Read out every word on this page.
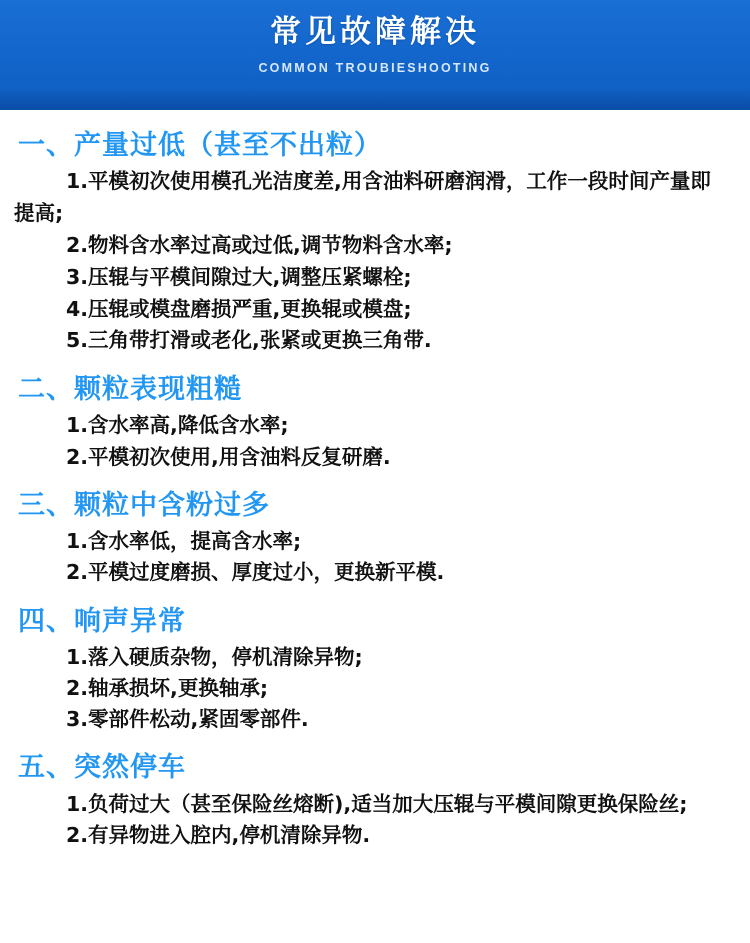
常见故障解决
COMMON TROUBIESHOOTING
一、产量过低（甚至不出粒）
1.平模初次使用模孔光洁度差,用含油料研磨润滑，工作一段时间产量即提高;
2.物料含水率过高或过低,调节物料含水率;
3.压辊与平模间隙过大,调整压紧螺栓;
4.压辊或模盘磨损严重,更换辊或模盘;
5.三角带打滑或老化,张紧或更换三角带.
二、颗粒表现粗糙
1.含水率高,降低含水率;
2.平模初次使用,用含油料反复研磨.
三、颗粒中含粉过多
1.含水率低，提高含水率;
2.平模过度磨损、厚度过小，更换新平模.
四、响声异常
1.落入硬质杂物，停机清除异物;
2.轴承损坏,更换轴承;
3.零部件松动,紧固零部件.
五、突然停车
1.负荷过大（甚至保险丝熔断),适当加大压辊与平模间隙更换保险丝;
2.有异物进入腔内,停机清除异物.
